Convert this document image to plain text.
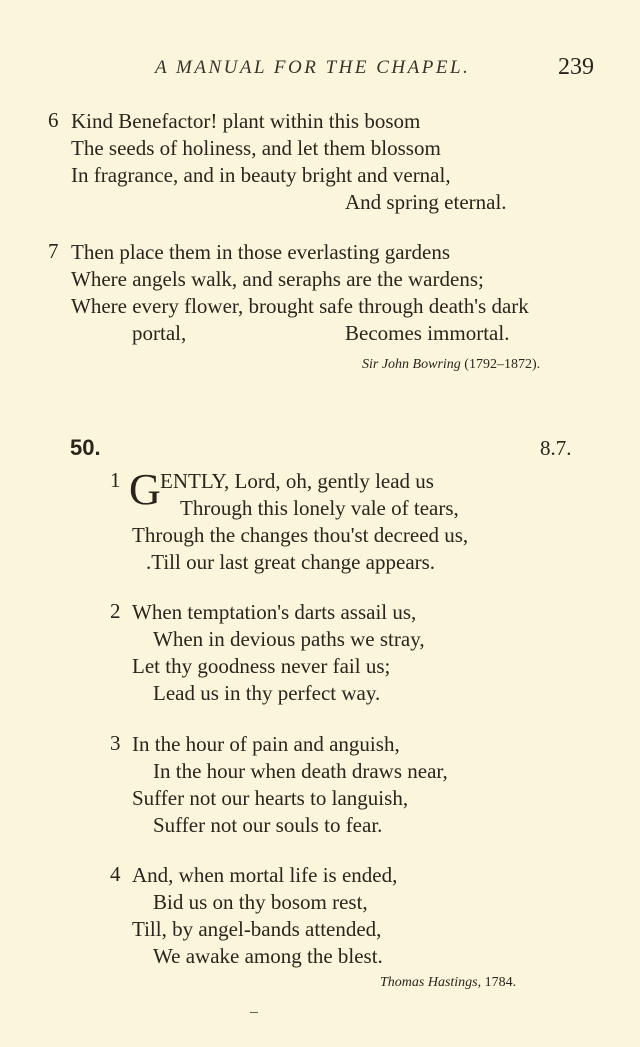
A MANUAL FOR THE CHAPEL.	239
6 Kind Benefactor! plant within this bosom
The seeds of holiness, and let them blossom
In fragrance, and in beauty bright and vernal,
And spring eternal.
7 Then place them in those everlasting gardens
Where angels walk, and seraphs are the wardens;
Where every flower, brought safe through death's dark
portal,	Becomes immortal.
Sir John Bowring (1792–1872).
50.	8.7.
1 G ENTLY, Lord, oh, gently lead us
Through this lonely vale of tears,
Through the changes thou'st decreed us,
.Till our last great change appears.
2 When temptation's darts assail us,
When in devious paths we stray,
Let thy goodness never fail us;
Lead us in thy perfect way.
3 In the hour of pain and anguish,
In the hour when death draws near,
Suffer not our hearts to languish,
Suffer not our souls to fear.
4 And, when mortal life is ended,
Bid us on thy bosom rest,
Till, by angel-bands attended,
We awake among the blest.
Thomas Hastings, 1784.
